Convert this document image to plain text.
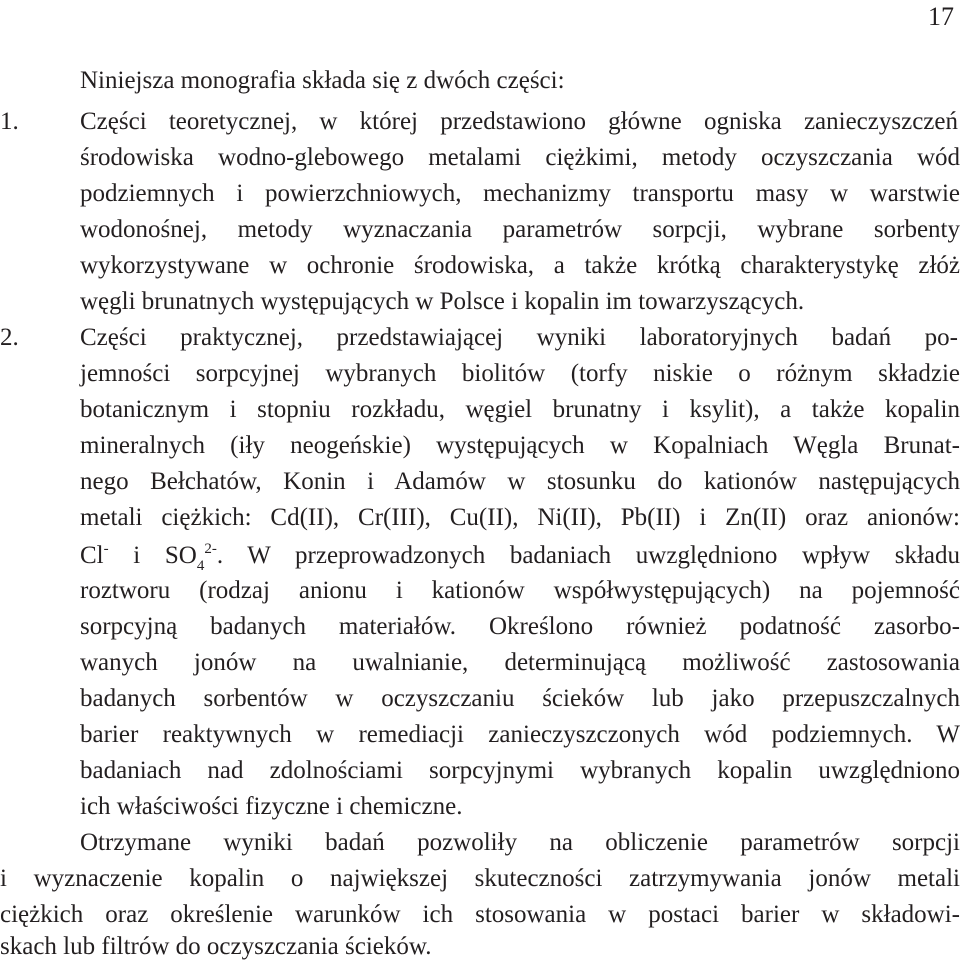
17
Niniejsza monografia składa się z dwóch części:
1. Części teoretycznej, w której przedstawiono główne ogniska zanieczyszczeń
środowiska wodno-glebowego metalami ciężkimi, metody oczyszczania wód
podziemnych i powierzchniowych, mechanizmy transportu masy w warstwie
wodonośnej, metody wyznaczania parametrów sorpcji, wybrane sorbenty
wykorzystywane w ochronie środowiska, a także krótką charakterystykę złóż
węgli brunatnych występujących w Polsce i kopalin im towarzyszących.
2. Części praktycznej, przedstawiającej wyniki laboratoryjnych badań po-
jemności sorpcyjnej wybranych biolitów (torfy niskie o różnym składzie
botanicznym i stopniu rozkładu, węgiel brunatny i ksylit), a także kopalin
mineralnych (iły neogeńskie) występujących w Kopalniach Węgla Brunat-
nego Bełchatów, Konin i Adamów w stosunku do kationów następujących
metali ciężkich: Cd(II), Cr(III), Cu(II), Ni(II), Pb(II) i Zn(II) oraz anionów:
Cl- i $SO_4^{2-}$. W przeprowadzonych badaniach uwzględniono wpływ składu
roztworu (rodzaj anionu i kationów współwystępujących) na pojemność
sorpcyjną badanych materiałów. Określono również podatność zasorbo-
wanych jonów na uwalnianie, determinującą możliwość zastosowania
badanych sorbentów w oczyszczaniu ścieków lub jako przepuszczalnych
barier reaktywnych w remediacji zanieczyszczonych wód podziemnych. W
badaniach nad zdolnościami sorpcyjnymi wybranych kopalin uwzględniono
ich właściwości fizyczne i chemiczne.
Otrzymane wyniki badań pozwoliły na obliczenie parametrów sorpcji
i wyznaczenie kopalin o największej skuteczności zatrzymywania jonów metali
ciężkich oraz określenie warunków ich stosowania w postaci barier w składowi-
skach lub filtrów do oczyszczania ścieków.
